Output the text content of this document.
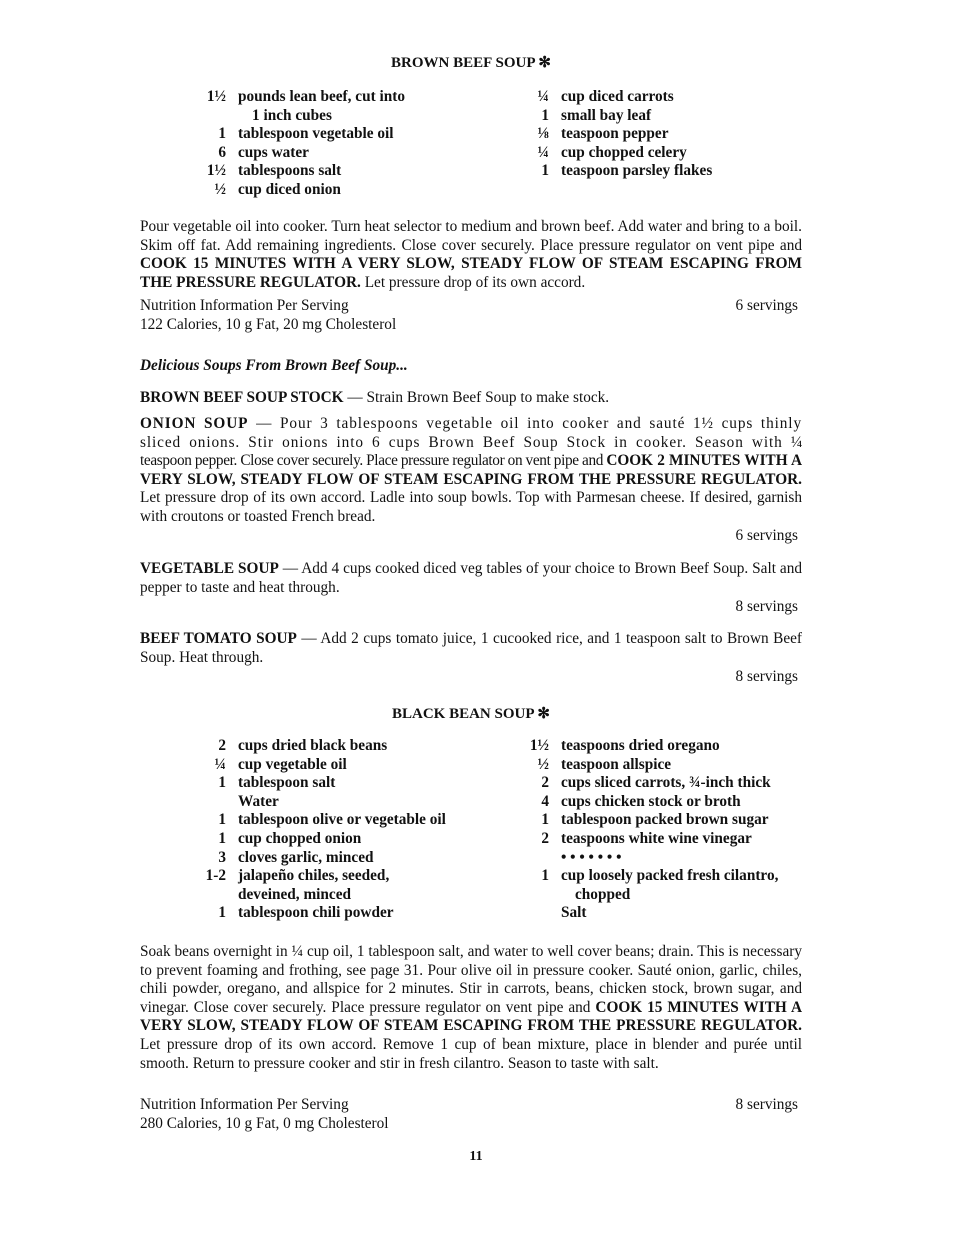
BROWN BEEF SOUP ✻
1½ pounds lean beef, cut into
1 inch cubes
1 tablespoon vegetable oil
6 cups water
1½ tablespoons salt
½ cup diced onion
¼ cup diced carrots
1 small bay leaf
⅛ teaspoon pepper
¼ cup chopped celery
1 teaspoon parsley flakes

Pour vegetable oil into cooker. Turn heat selector to medium and brown beef. Add water and bring to a boil. Skim off fat. Add remaining ingredients. Close cover securely. Place pressure regulator on vent pipe and COOK 15 MINUTES WITH A VERY SLOW, STEADY FLOW OF STEAM ESCAPING FROM THE PRESSURE REGULATOR. Let pressure drop of its own accord.

Nutrition Information Per Serving
122 Calories, 10 g Fat, 20 mg Cholesterol
6 servings
Delicious Soups From Brown Beef Soup...

BROWN BEEF SOUP STOCK — Strain Brown Beef Soup to make stock.

ONION SOUP — Pour 3 tablespoons vegetable oil into cooker and sauté 1½ cups thinly sliced onions. Stir onions into 6 cups Brown Beef Soup Stock in cooker. Season with ¼ teaspoon pepper. Close cover securely. Place pressure regulator on vent pipe and COOK 2 MINUTES WITH A VERY SLOW, STEADY FLOW OF STEAM ESCAPING FROM THE PRESSURE REGULATOR. Let pressure drop of its own accord. Ladle into soup bowls. Top with Parmesan cheese. If desired, garnish with croutons or toasted French bread.

6 servings

VEGETABLE SOUP — Add 4 cups cooked diced veg tables of your choice to Brown Beef Soup. Salt and pepper to taste and heat through.

8 servings

BEEF TOMATO SOUP — Add 2 cups tomato juice, 1 cucooked rice, and 1 teaspoon salt to Brown Beef Soup. Heat through.

8 servings
BLACK BEAN SOUP ✻
2 cups dried black beans
¼ cup vegetable oil
1 tablespoon salt
Water
1 tablespoon olive or vegetable oil
1 cup chopped onion
3 cloves garlic, minced
1-2 jalapeño chiles, seeded,
deveined, minced
1 tablespoon chili powder
1½ teaspoons dried oregano
½ teaspoon allspice
2 cups sliced carrots, ¾-inch thick
4 cups chicken stock or broth
1 tablespoon packed brown sugar
2 teaspoons white wine vinegar
• • • • • • •
1 cup loosely packed fresh cilantro,
chopped
Salt

Soak beans overnight in ¼ cup oil, 1 tablespoon salt, and water to well cover beans; drain. This is necessary to prevent foaming and frothing, see page 31. Pour olive oil in pressure cooker. Sauté onion, garlic, chiles, chili powder, oregano, and allspice for 2 minutes. Stir in carrots, beans, chicken stock, brown sugar, and vinegar. Close cover securely. Place pressure regulator on vent pipe and COOK 15 MINUTES WITH A VERY SLOW, STEADY FLOW OF STEAM ESCAPING FROM THE PRESSURE REGULATOR. Let pressure drop of its own accord. Remove 1 cup of bean mixture, place in blender and purée until smooth. Return to pressure cooker and stir in fresh cilantro. Season to taste with salt.

Nutrition Information Per Serving
280 Calories, 10 g Fat, 0 mg Cholesterol
8 servings
11
